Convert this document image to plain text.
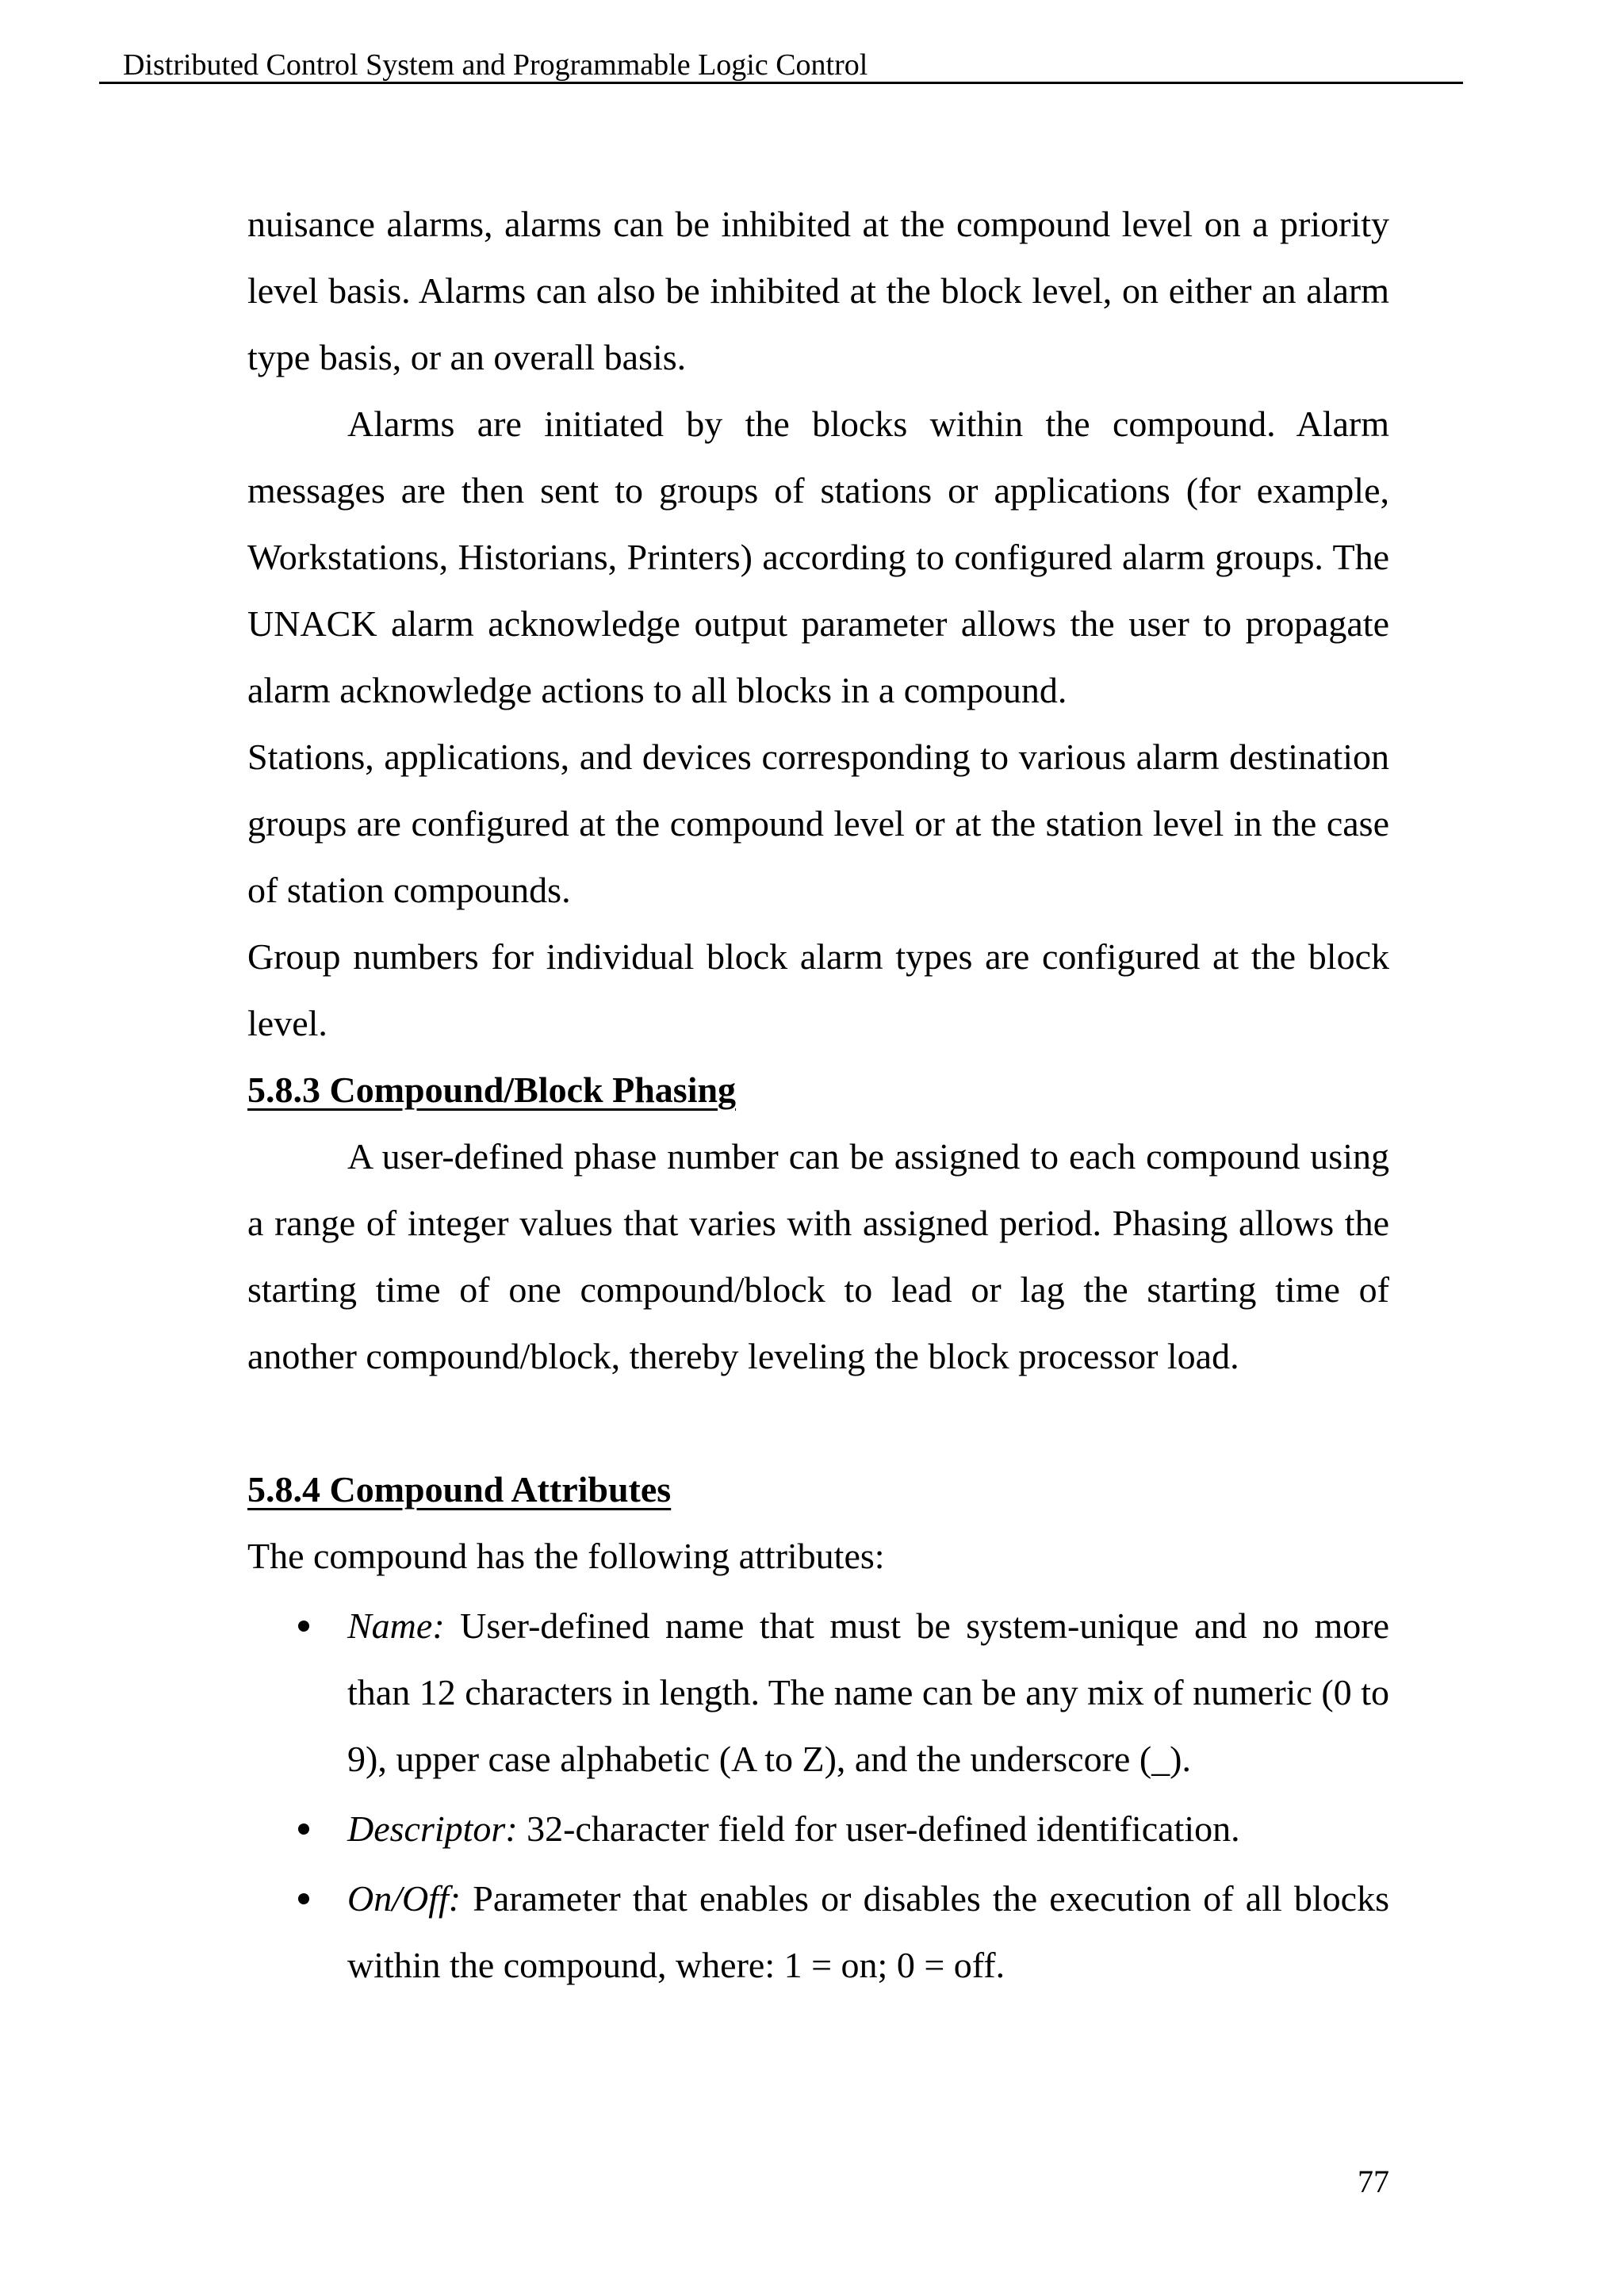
Distributed Control System and Programmable Logic Control

nuisance alarms, alarms can be inhibited at the compound level on a priority level basis. Alarms can also be inhibited at the block level, on either an alarm type basis, or an overall basis.

Alarms are initiated by the blocks within the compound. Alarm messages are then sent to groups of stations or applications (for example, Workstations, Historians, Printers) according to configured alarm groups. The UNACK alarm acknowledge output parameter allows the user to propagate alarm acknowledge actions to all blocks in a compound.

Stations, applications, and devices corresponding to various alarm destination groups are configured at the compound level or at the station level in the case of station compounds.

Group numbers for individual block alarm types are configured at the block level.

5.8.3 Compound/Block Phasing

A user-defined phase number can be assigned to each compound using a range of integer values that varies with assigned period. Phasing allows the starting time of one compound/block to lead or lag the starting time of another compound/block, thereby leveling the block processor load.

5.8.4 Compound Attributes

The compound has the following attributes:

Name: User-defined name that must be system-unique and no more than 12 characters in length. The name can be any mix of numeric (0 to 9), upper case alphabetic (A to Z), and the underscore (_).
Descriptor: 32-character field for user-defined identification.
On/Off: Parameter that enables or disables the execution of all blocks within the compound, where: 1 = on; 0 = off.
77
